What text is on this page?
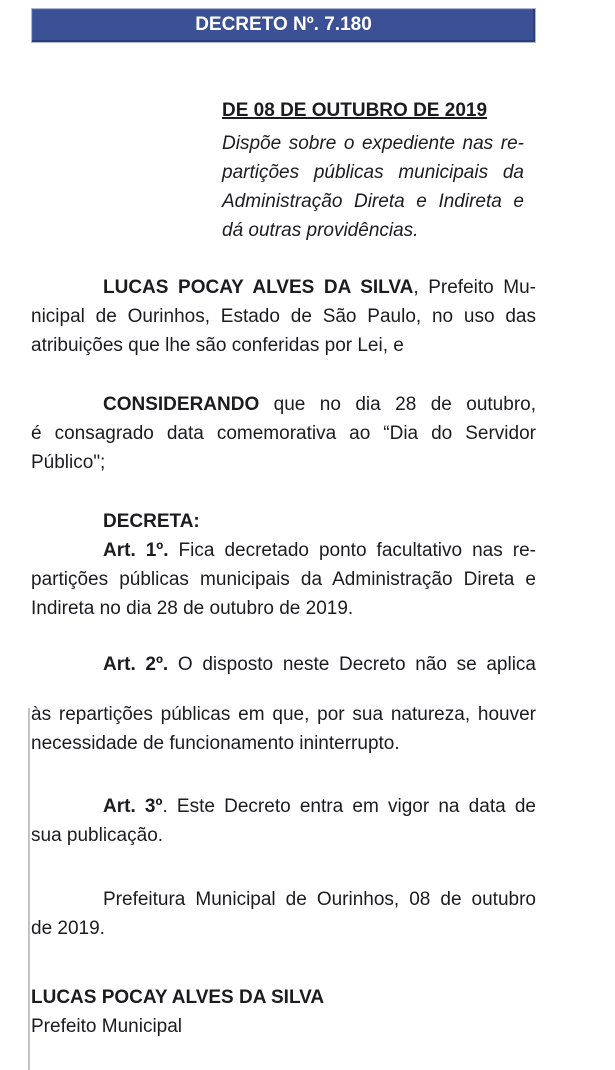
DECRETO Nº. 7.180
DE 08 DE OUTUBRO DE 2019
Dispõe sobre o expediente nas re-
partições públicas municipais da
Administração Direta e Indireta e
dá outras providências.
LUCAS POCAY ALVES DA SILVA, Prefeito Mu-
nicipal de Ourinhos, Estado de São Paulo, no uso das
atribuições que lhe são conferidas por Lei, e
CONSIDERANDO que no dia 28 de outubro,
é consagrado data comemorativa ao “Dia do Servidor
Público";
DECRETA:
Art. 1º. Fica decretado ponto facultativo nas re-
partições públicas municipais da Administração Direta e
Indireta no dia 28 de outubro de 2019.
Art. 2º. O disposto neste Decreto não se aplica
às repartições públicas em que, por sua natureza, houver
necessidade de funcionamento ininterrupto.
Art. 3º. Este Decreto entra em vigor na data de
sua publicação.
Prefeitura Municipal de Ourinhos, 08 de outubro
de 2019.
LUCAS POCAY ALVES DA SILVA
Prefeito Municipal
